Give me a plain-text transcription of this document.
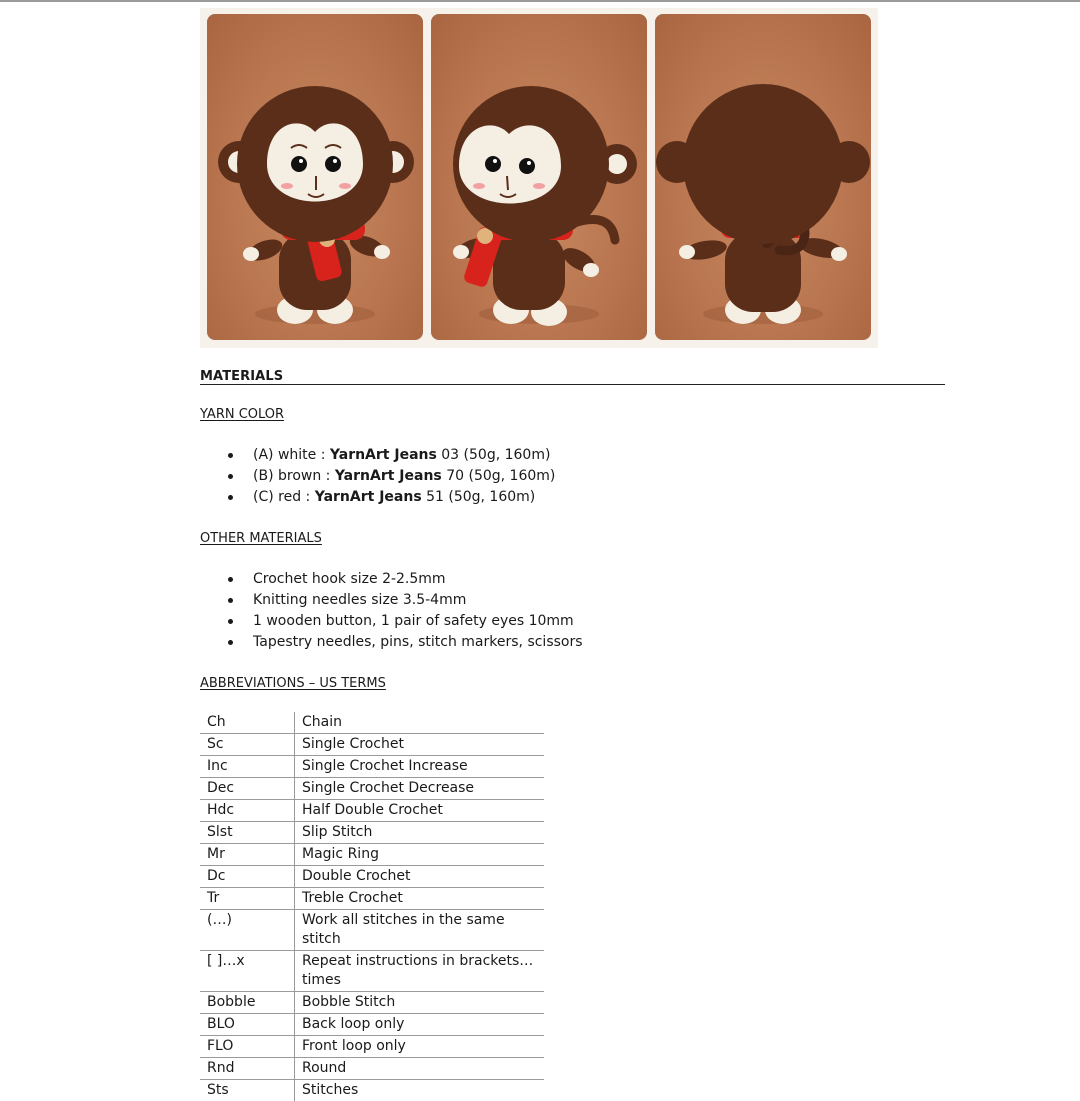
MATERIALS
YARN COLOR
(A) white : YarnArt Jeans 03 (50g, 160m)
(B) brown : YarnArt Jeans 70 (50g, 160m)
(C) red : YarnArt Jeans 51 (50g, 160m)
OTHER MATERIALS
Crochet hook size 2-2.5mm
Knitting needles size 3.5-4mm
1 wooden button, 1 pair of safety eyes 10mm
Tapestry needles, pins, stitch markers, scissors
ABBREVIATIONS – US TERMS
Ch	Chain
Sc	Single Crochet
Inc	Single Crochet Increase
Dec	Single Crochet Decrease
Hdc	Half Double Crochet
Slst	Slip Stitch
Mr	Magic Ring
Dc	Double Crochet
Tr	Treble Crochet
(…)	Work all stitches in the same stitch
[ ]…x	Repeat instructions in brackets…times
Bobble	Bobble Stitch
BLO	Back loop only
FLO	Front loop only
Rnd	Round
Sts	Stitches
